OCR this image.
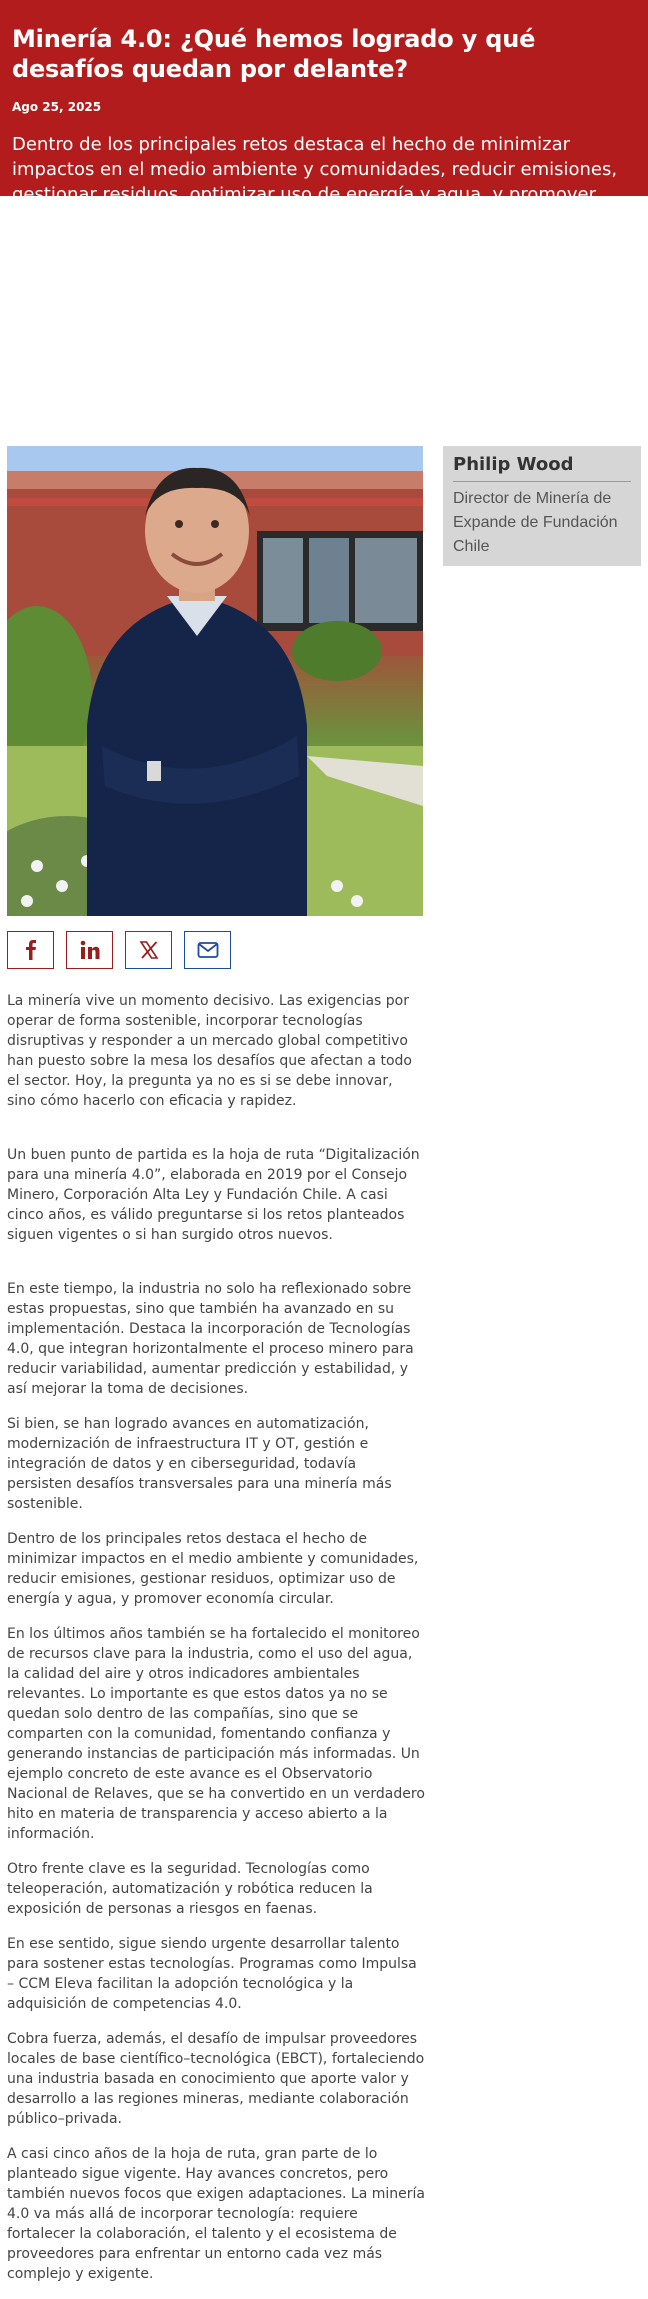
Minería 4.0: ¿Qué hemos logrado y qué desafíos quedan por delante?
Ago 25, 2025
Dentro de los principales retos destaca el hecho de minimizar impactos en el medio ambiente y comunidades, reducir emisiones, gestionar residuos, optimizar uso de energía y agua, y promover economía circular.
Philip Wood
Director de Minería de Expande de Fundación Chile

La minería vive un momento decisivo. Las exigencias por operar de forma sostenible, incorporar tecnologías disruptivas y responder a un mercado global competitivo han puesto sobre la mesa los desafíos que afectan a todo el sector. Hoy, la pregunta ya no es si se debe innovar, sino cómo hacerlo con eficacia y rapidez.

Un buen punto de partida es la hoja de ruta “Digitalización para una minería 4.0”, elaborada en 2019 por el Consejo Minero, Corporación Alta Ley y Fundación Chile. A casi cinco años, es válido preguntarse si los retos planteados siguen vigentes o si han surgido otros nuevos.

En este tiempo, la industria no solo ha reflexionado sobre estas propuestas, sino que también ha avanzado en su implementación. Destaca la incorporación de Tecnologías 4.0, que integran horizontalmente el proceso minero para reducir variabilidad, aumentar predicción y estabilidad, y así mejorar la toma de decisiones.

Si bien, se han logrado avances en automatización, modernización de infraestructura IT y OT, gestión e integración de datos y en ciberseguridad, todavía persisten desafíos transversales para una minería más sostenible.

Dentro de los principales retos destaca el hecho de minimizar impactos en el medio ambiente y comunidades, reducir emisiones, gestionar residuos, optimizar uso de energía y agua, y promover economía circular.

En los últimos años también se ha fortalecido el monitoreo de recursos clave para la industria, como el uso del agua, la calidad del aire y otros indicadores ambientales relevantes. Lo importante es que estos datos ya no se quedan solo dentro de las compañías, sino que se comparten con la comunidad, fomentando confianza y generando instancias de participación más informadas. Un ejemplo concreto de este avance es el Observatorio Nacional de Relaves, que se ha convertido en un verdadero hito en materia de transparencia y acceso abierto a la información.

Otro frente clave es la seguridad. Tecnologías como teleoperación, automatización y robótica reducen la exposición de personas a riesgos en faenas.

En ese sentido, sigue siendo urgente desarrollar talento para sostener estas tecnologías. Programas como Impulsa – CCM Eleva facilitan la adopción tecnológica y la adquisición de competencias 4.0.

Cobra fuerza, además, el desafío de impulsar proveedores locales de base científico–tecnológica (EBCT), fortaleciendo una industria basada en conocimiento que aporte valor y desarrollo a las regiones mineras, mediante colaboración público–privada.

A casi cinco años de la hoja de ruta, gran parte de lo planteado sigue vigente. Hay avances concretos, pero también nuevos focos que exigen adaptaciones. La minería 4.0 va más allá de incorporar tecnología: requiere fortalecer la colaboración, el talento y el ecosistema de proveedores para enfrentar un entorno cada vez más complejo y exigente.
